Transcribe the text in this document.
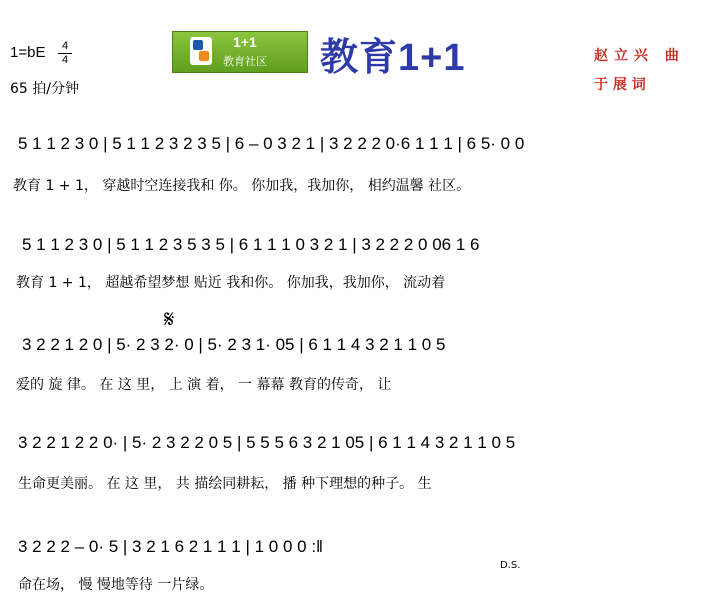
1=bE	4
4
65 拍/分钟
1+1
教育社区 教育1+1	赵立兴 曲
于 展 词
𝄋
5 1 1 2 3 0 | 5 1 1 2 3 2 3 5 | 6 – 0 3 2 1 | 3 2 2 2 0·6 1 1 1 | 6 5· 0 0
教育 1 + 1， 穿越时空连接我和 你。 你加我，我加你， 相约温馨 社区。
5 1 1 2 3 0 | 5 1 1 2 3 5 3 5 | 6 1 1 1 0 3 2 1 | 3 2 2 2 0 06 1 6
教育 1 + 1， 超越希望梦想 贴近 我和你。 你加我，我加你， 流动着
3 2 2 1 2 0 | 5· 2 3 2· 0 | 5· 2 3 1· 05 | 6 1 1 4 3 2 1 1 0 5
爱的 旋 律。 在 这 里， 上 演 着， 一 幕幕 教育的传奇， 让
3 2 2 1 2 2 0· | 5· 2 3 2 2 0 5 | 5 5 5 6 3 2 1 05 | 6 1 1 4 3 2 1 1 0 5
生命更美丽。 在 这 里， 共 描绘同耕耘， 播 种下理想的种子。 生
3 2 2 2 – 0· 5 | 3 2 1 6 2 1 1 1 | 1 0 0 0 :‖
命在场， 慢 慢地等待 一片绿。
D.S.
